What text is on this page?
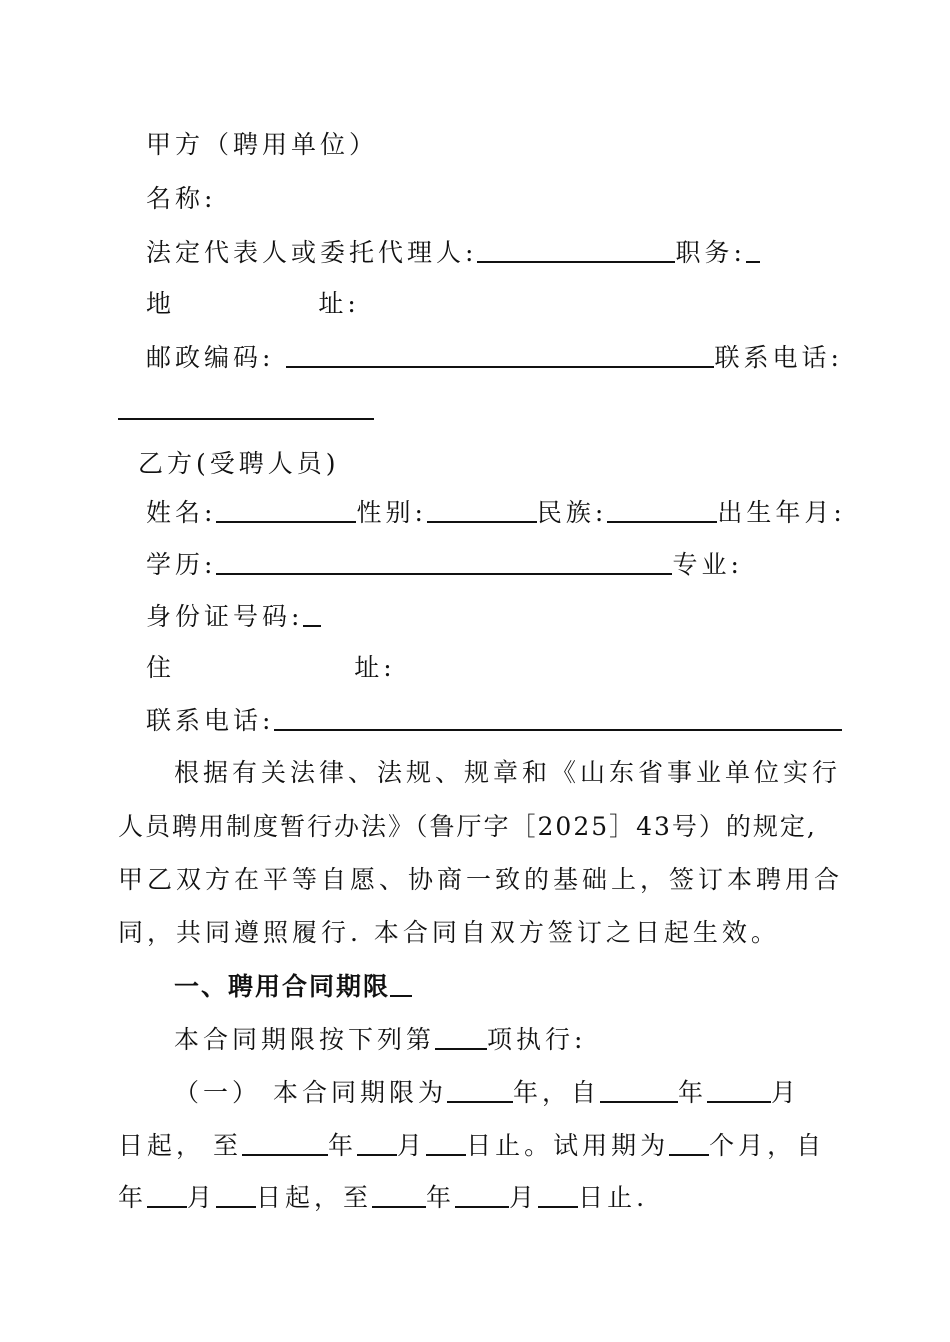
甲方（聘用单位）
名称:
法定代表人或委托代理人:	职务:
地            址:
邮政编码:	联系电话:
乙方(受聘人员)
姓名:	性别:	民族:	出生年月:
学历:	专业:
身份证号码:
住               址:
联系电话:
根据有关法律、法规、规章和《山东省事业单位实行
人员聘用制度暂行办法》（鲁厅字［2025］43号）的规定,
甲乙双方在平等自愿、协商一致的基础上，签订本聘用合
同，共同遵照履行. 本合同自双方签订之日起生效。
一、聘用合同期限
本合同期限按下列第 项执行:
（一） 本合同期限为	年，自	年	月
日起， 至	年 月 日止。试用期为 个月，自
年 月 日起，至 年 月 日止.
